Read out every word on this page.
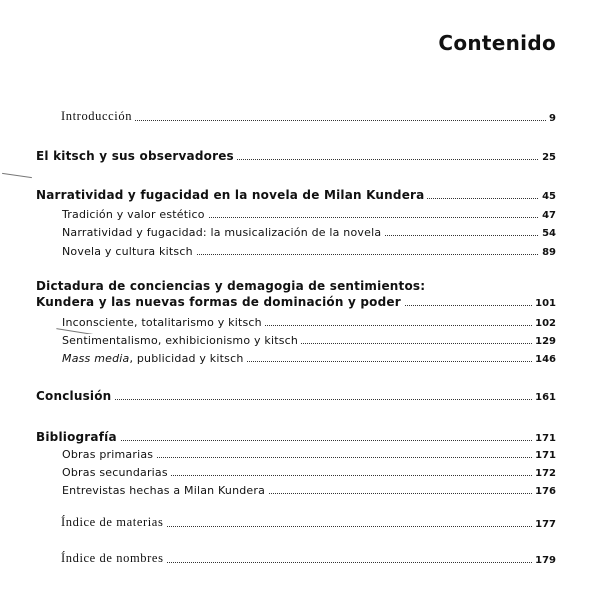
Contenido
Introducción	9
El kitsch y sus observadores	25
Narratividad y fugacidad en la novela de Milan Kundera	45
Tradición y valor estético	47
Narratividad y fugacidad: la musicalización de la novela	54
Novela y cultura kitsch	89
Dictadura de conciencias y demagogia de sentimientos:
Kundera y las nuevas formas de dominación y poder	101
Inconsciente, totalitarismo y kitsch	102
Sentimentalismo, exhibicionismo y kitsch	129
Mass media, publicidad y kitsch	146
Conclusión	161
Bibliografía	171
Obras primarias	171
Obras secundarias	172
Entrevistas hechas a Milan Kundera	176
Índice de materias	177
Índice de nombres	179
